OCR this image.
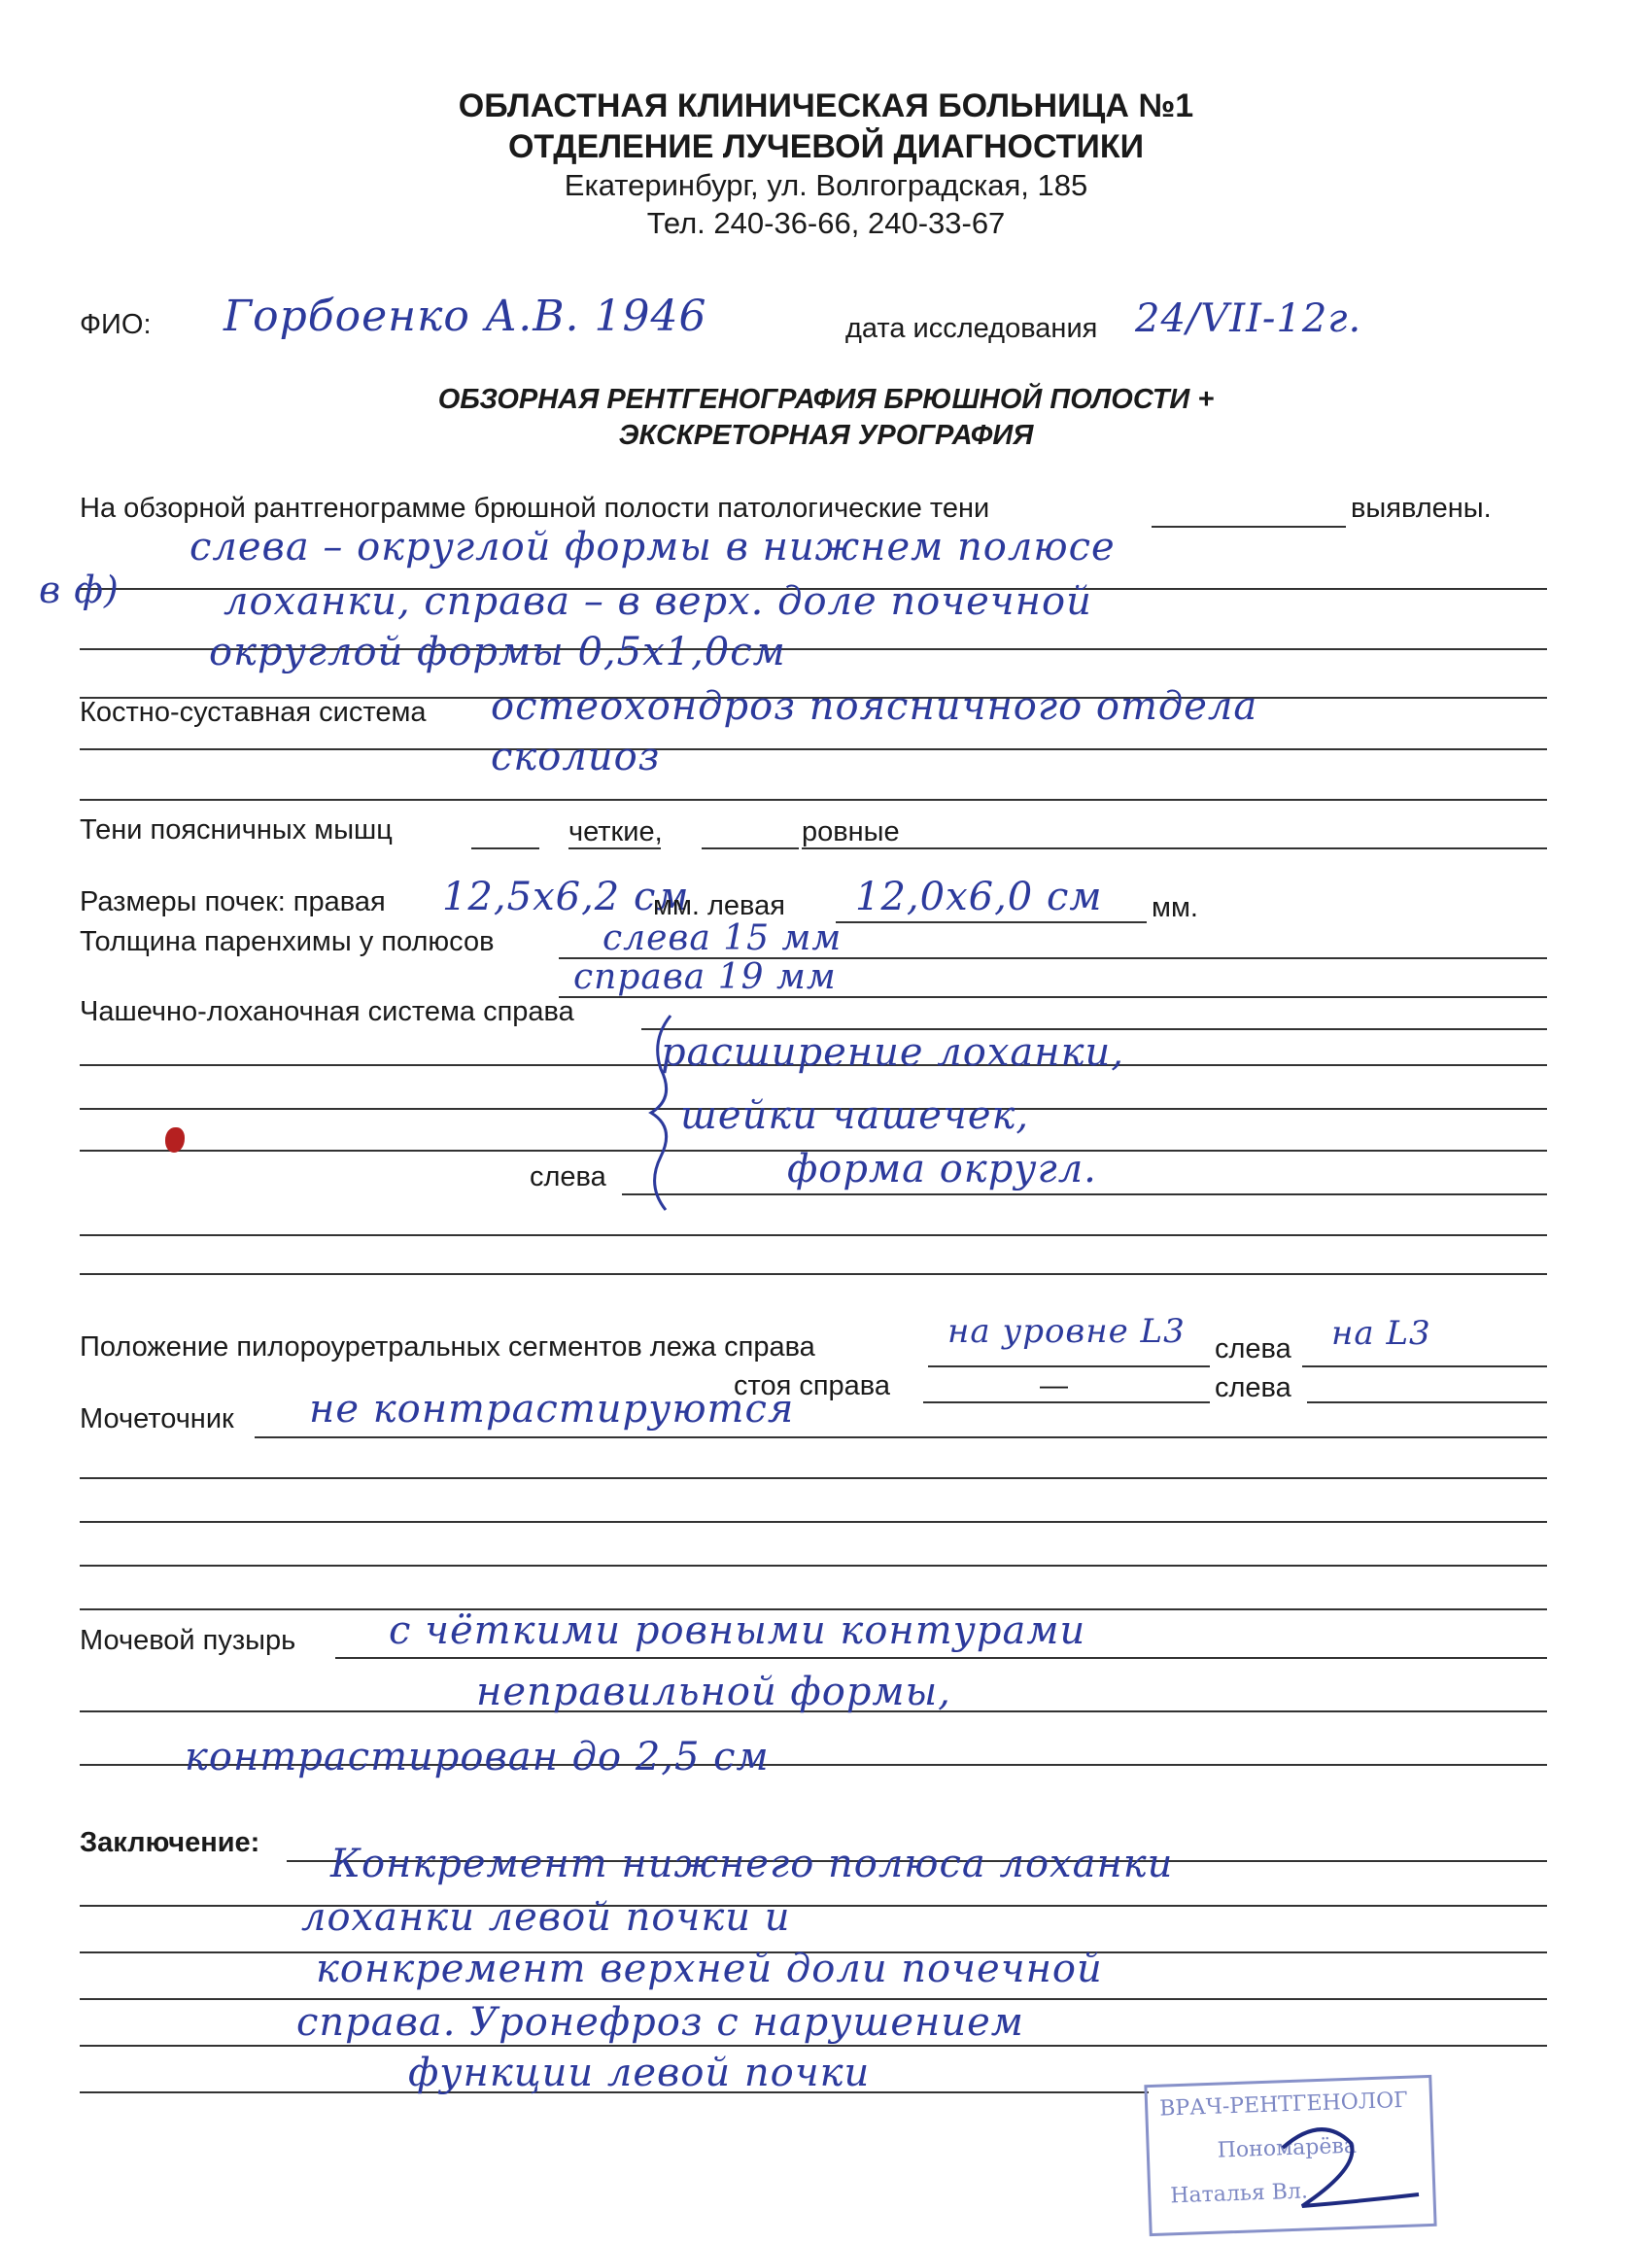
ОБЛАСТНАЯ КЛИНИЧЕСКАЯ БОЛЬНИЦА №1
ОТДЕЛЕНИЕ ЛУЧЕВОЙ ДИАГНОСТИКИ
Екатеринбург, ул. Волгоградская, 185
Тел. 240-36-66, 240-33-67
ФИО: Горбоенко А.В. 1946	дата исследования 24/VII-12г.
ОБЗОРНАЯ РЕНТГЕНОГРАФИЯ БРЮШНОЙ ПОЛОСТИ +
ЭКСКРЕТОРНАЯ УРОГРАФИЯ
На обзорной рантгенограмме брюшной полости патологические тени	выявлены.
слева – округлой формы в нижнем полюсе
лоханки, справа – в верх. доле почечной
округлой формы 0,5х1,0см
в ф)
Костно-суставная система остеохондроз поясничного отдела
сколиоз
Тени поясничных мышц	четкие,	ровные
Размеры почек: правая 12,5х6,2 см
мм. левая 12,0х6,0 см мм.
Толщина паренхимы у полюсов	слева 15 мм
справа 19 мм
Чашечно-лоханочная система справа
слева
расширение лоханки,
шейки чашечек,
форма округл.
Положение пилороуретральных сегментов лежа справа	на уровне L3 слева на L3
стоя справа	—	слева
Мочеточник не контрастируются
Мочевой пузырь с чёткими ровными контурами
неправильной формы,
контрастирован до 2,5 см
Заключение: Конкремент нижнего полюса лоханки
лоханки левой почки и
конкремент верхней доли почечной
справа. Уронефроз с нарушением
функции левой почки
ВРАЧ-РЕНТГЕНОЛОГ
Пономарёва
Наталья Вл.
